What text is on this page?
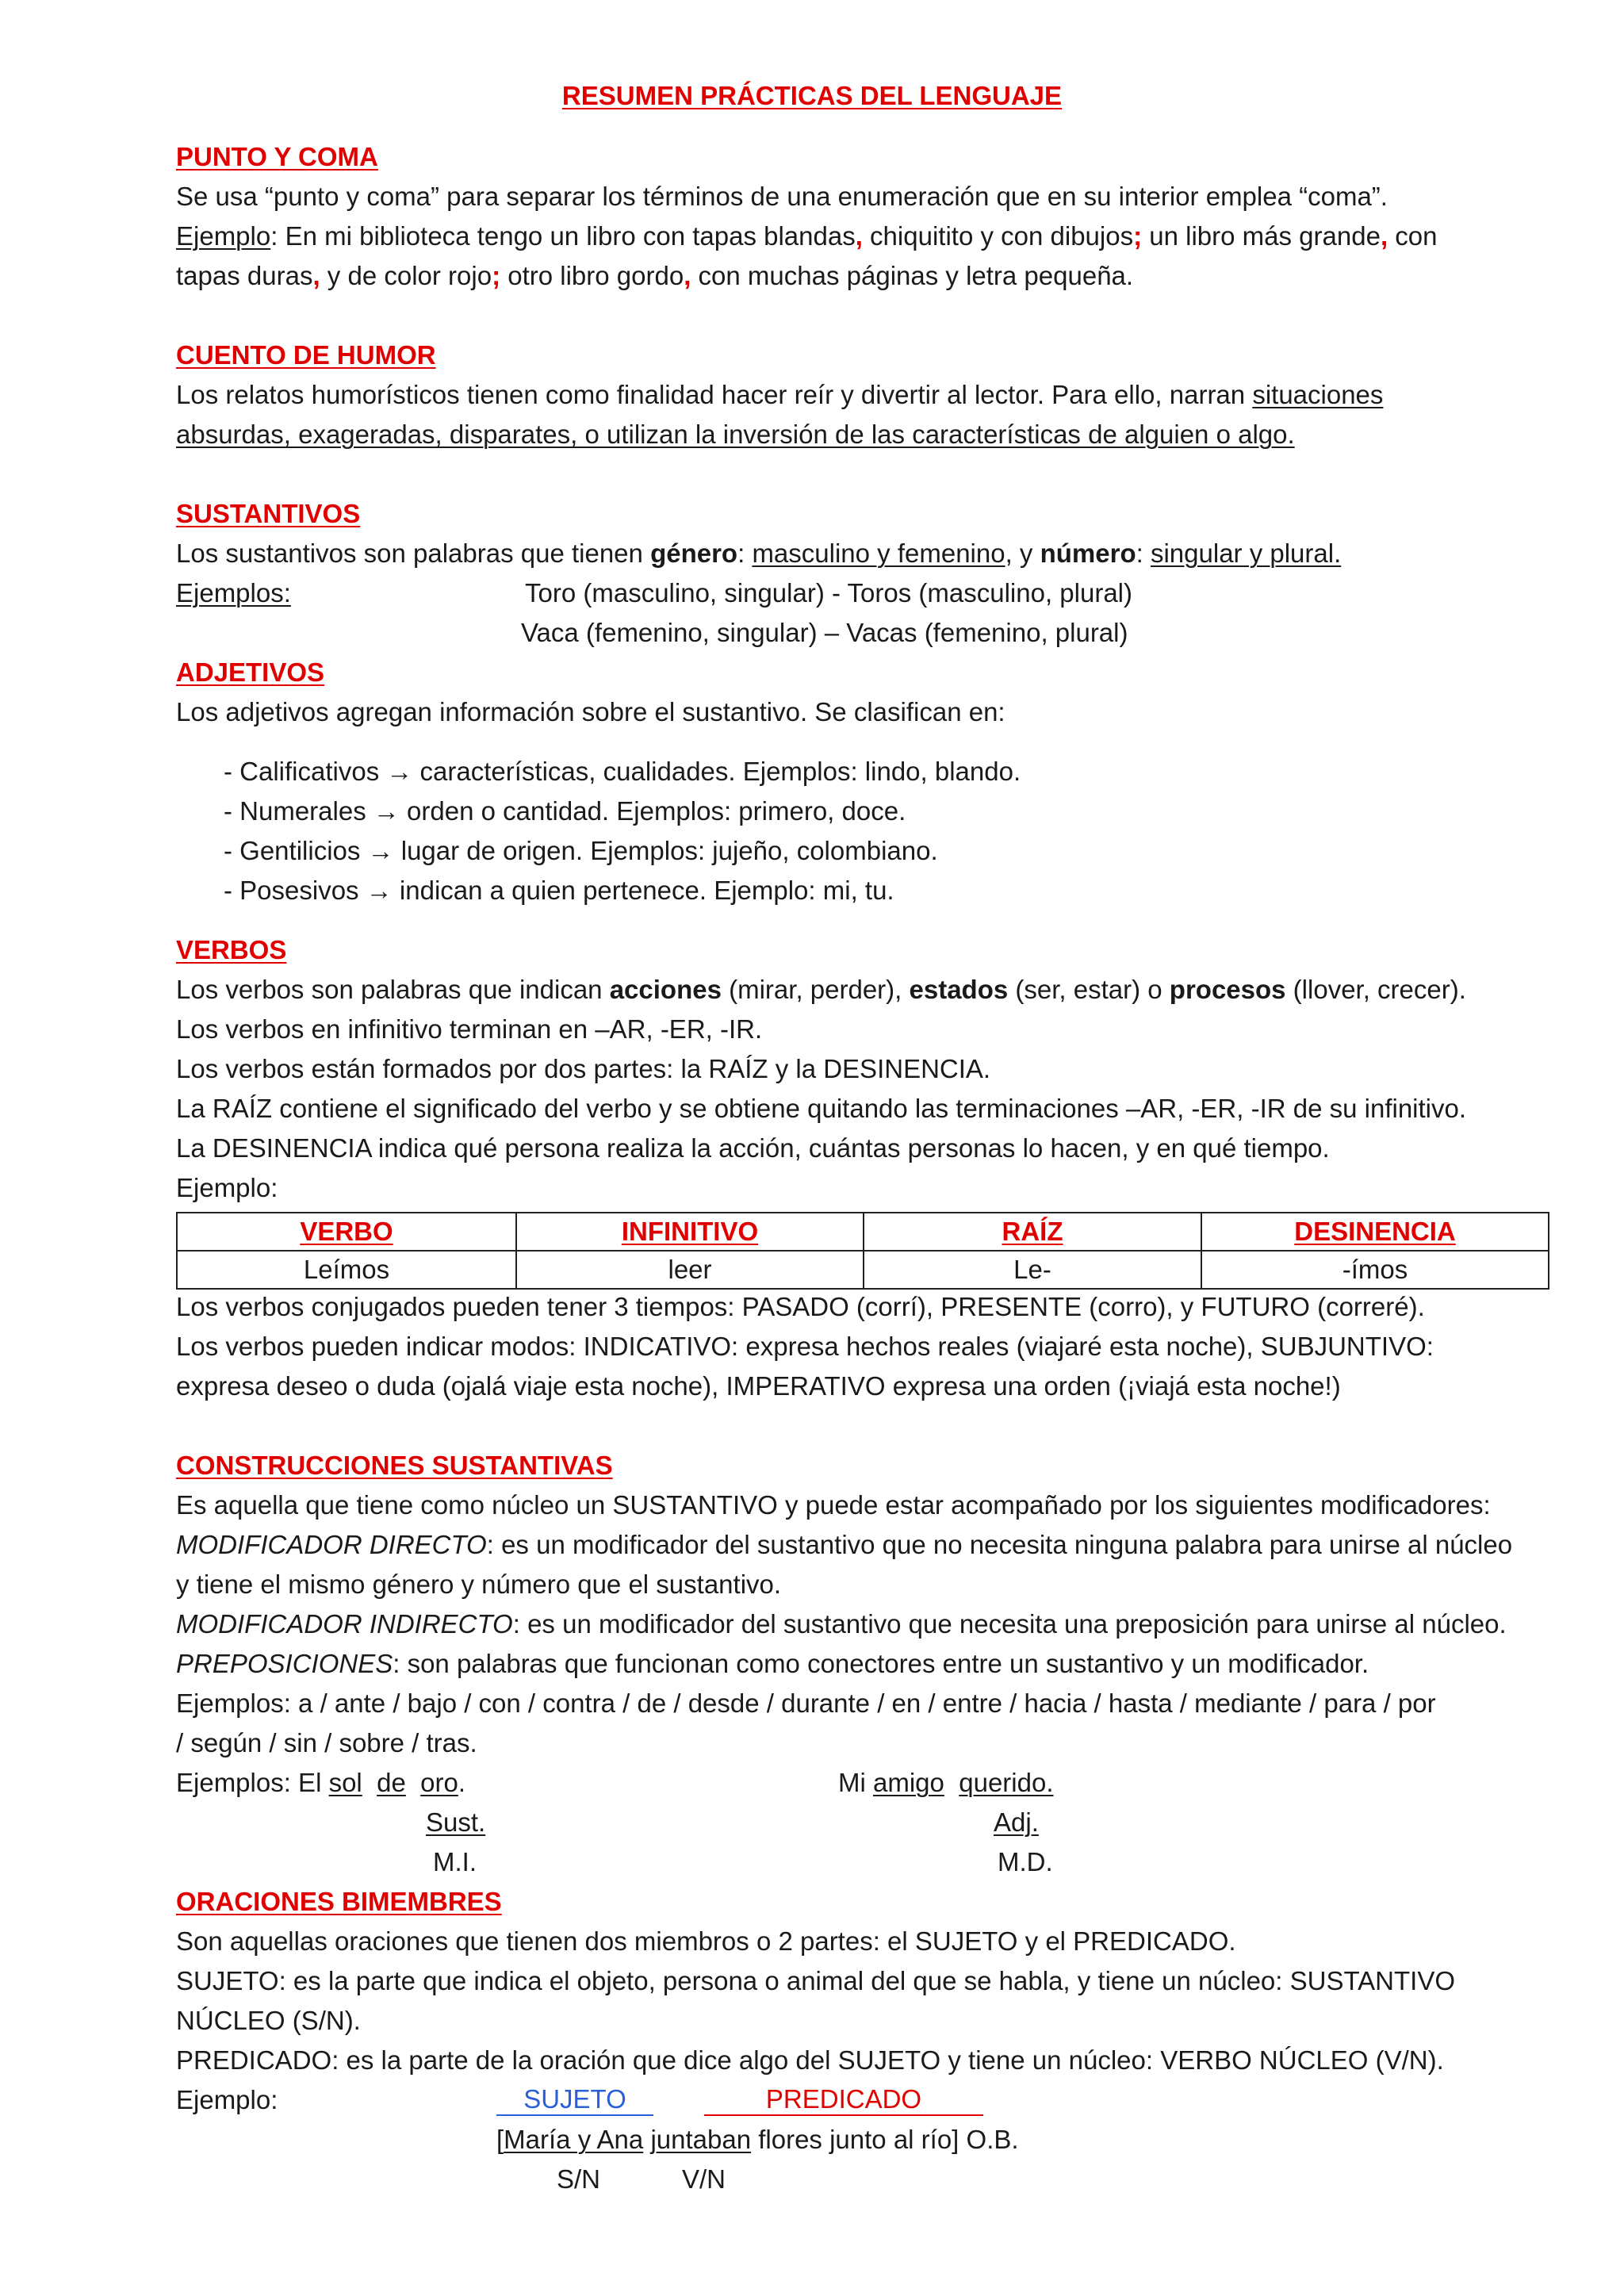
RESUMEN PRÁCTICAS DEL LENGUAJE
PUNTO Y COMA
Se usa “punto y coma” para separar los términos de una enumeración que en su interior emplea “coma”.
Ejemplo: En mi biblioteca tengo un libro con tapas blandas, chiquitito y con dibujos; un libro más grande, con
tapas duras, y de color rojo; otro libro gordo, con muchas páginas y letra pequeña.
CUENTO DE HUMOR
Los relatos humorísticos tienen como finalidad hacer reír y divertir al lector. Para ello, narran situaciones
absurdas, exageradas, disparates, o utilizan la inversión de las características de alguien o algo.
SUSTANTIVOS
Los sustantivos son palabras que tienen género: masculino y femenino, y número: singular y plural.
Ejemplos:	Toro (masculino, singular) - Toros (masculino, plural)
Vaca (femenino, singular) – Vacas (femenino, plural)
ADJETIVOS
Los adjetivos agregan información sobre el sustantivo. Se clasifican en:
- Calificativos → características, cualidades. Ejemplos: lindo, blando.
- Numerales → orden o cantidad. Ejemplos: primero, doce.
- Gentilicios → lugar de origen. Ejemplos: jujeño, colombiano.
- Posesivos → indican a quien pertenece. Ejemplo: mi, tu.
VERBOS
Los verbos son palabras que indican acciones (mirar, perder), estados (ser, estar) o procesos (llover, crecer).
Los verbos en infinitivo terminan en –AR, -ER, -IR.
Los verbos están formados por dos partes: la RAÍZ y la DESINENCIA.
La RAÍZ contiene el significado del verbo y se obtiene quitando las terminaciones –AR, -ER, -IR de su infinitivo.
La DESINENCIA indica qué persona realiza la acción, cuántas personas lo hacen, y en qué tiempo.
Ejemplo:
VERBO	INFINITIVO	RAÍZ	DESINENCIA
Leímos	leer	Le-	-ímos
Los verbos conjugados pueden tener 3 tiempos: PASADO (corrí), PRESENTE (corro), y FUTURO (correré).
Los verbos pueden indicar modos: INDICATIVO: expresa hechos reales (viajaré esta noche), SUBJUNTIVO:
expresa deseo o duda (ojalá viaje esta noche), IMPERATIVO expresa una orden (¡viajá esta noche!)
CONSTRUCCIONES SUSTANTIVAS
Es aquella que tiene como núcleo un SUSTANTIVO y puede estar acompañado por los siguientes modificadores:
MODIFICADOR DIRECTO: es un modificador del sustantivo que no necesita ninguna palabra para unirse al núcleo
y tiene el mismo género y número que el sustantivo.
MODIFICADOR INDIRECTO: es un modificador del sustantivo que necesita una preposición para unirse al núcleo.
PREPOSICIONES: son palabras que funcionan como conectores entre un sustantivo y un modificador.
Ejemplos: a / ante / bajo / con / contra / de / desde / durante / en / entre / hacia / hasta / mediante / para / por
/ según / sin / sobre / tras.
Ejemplos: El sol de oro.
Sust.
M.I.
Mi amigo querido.
Adj.
M.D.
ORACIONES BIMEMBRES
Son aquellas oraciones que tienen dos miembros o 2 partes: el SUJETO y el PREDICADO.
SUJETO: es la parte que indica el objeto, persona o animal del que se habla, y tiene un núcleo: SUSTANTIVO
NÚCLEO (S/N).
PREDICADO: es la parte de la oración que dice algo del SUJETO y tiene un núcleo: VERBO NÚCLEO (V/N).
Ejemplo:	SUJETO	PREDICADO
[María y Ana juntaban flores junto al río] O.B.
S/N	V/N
